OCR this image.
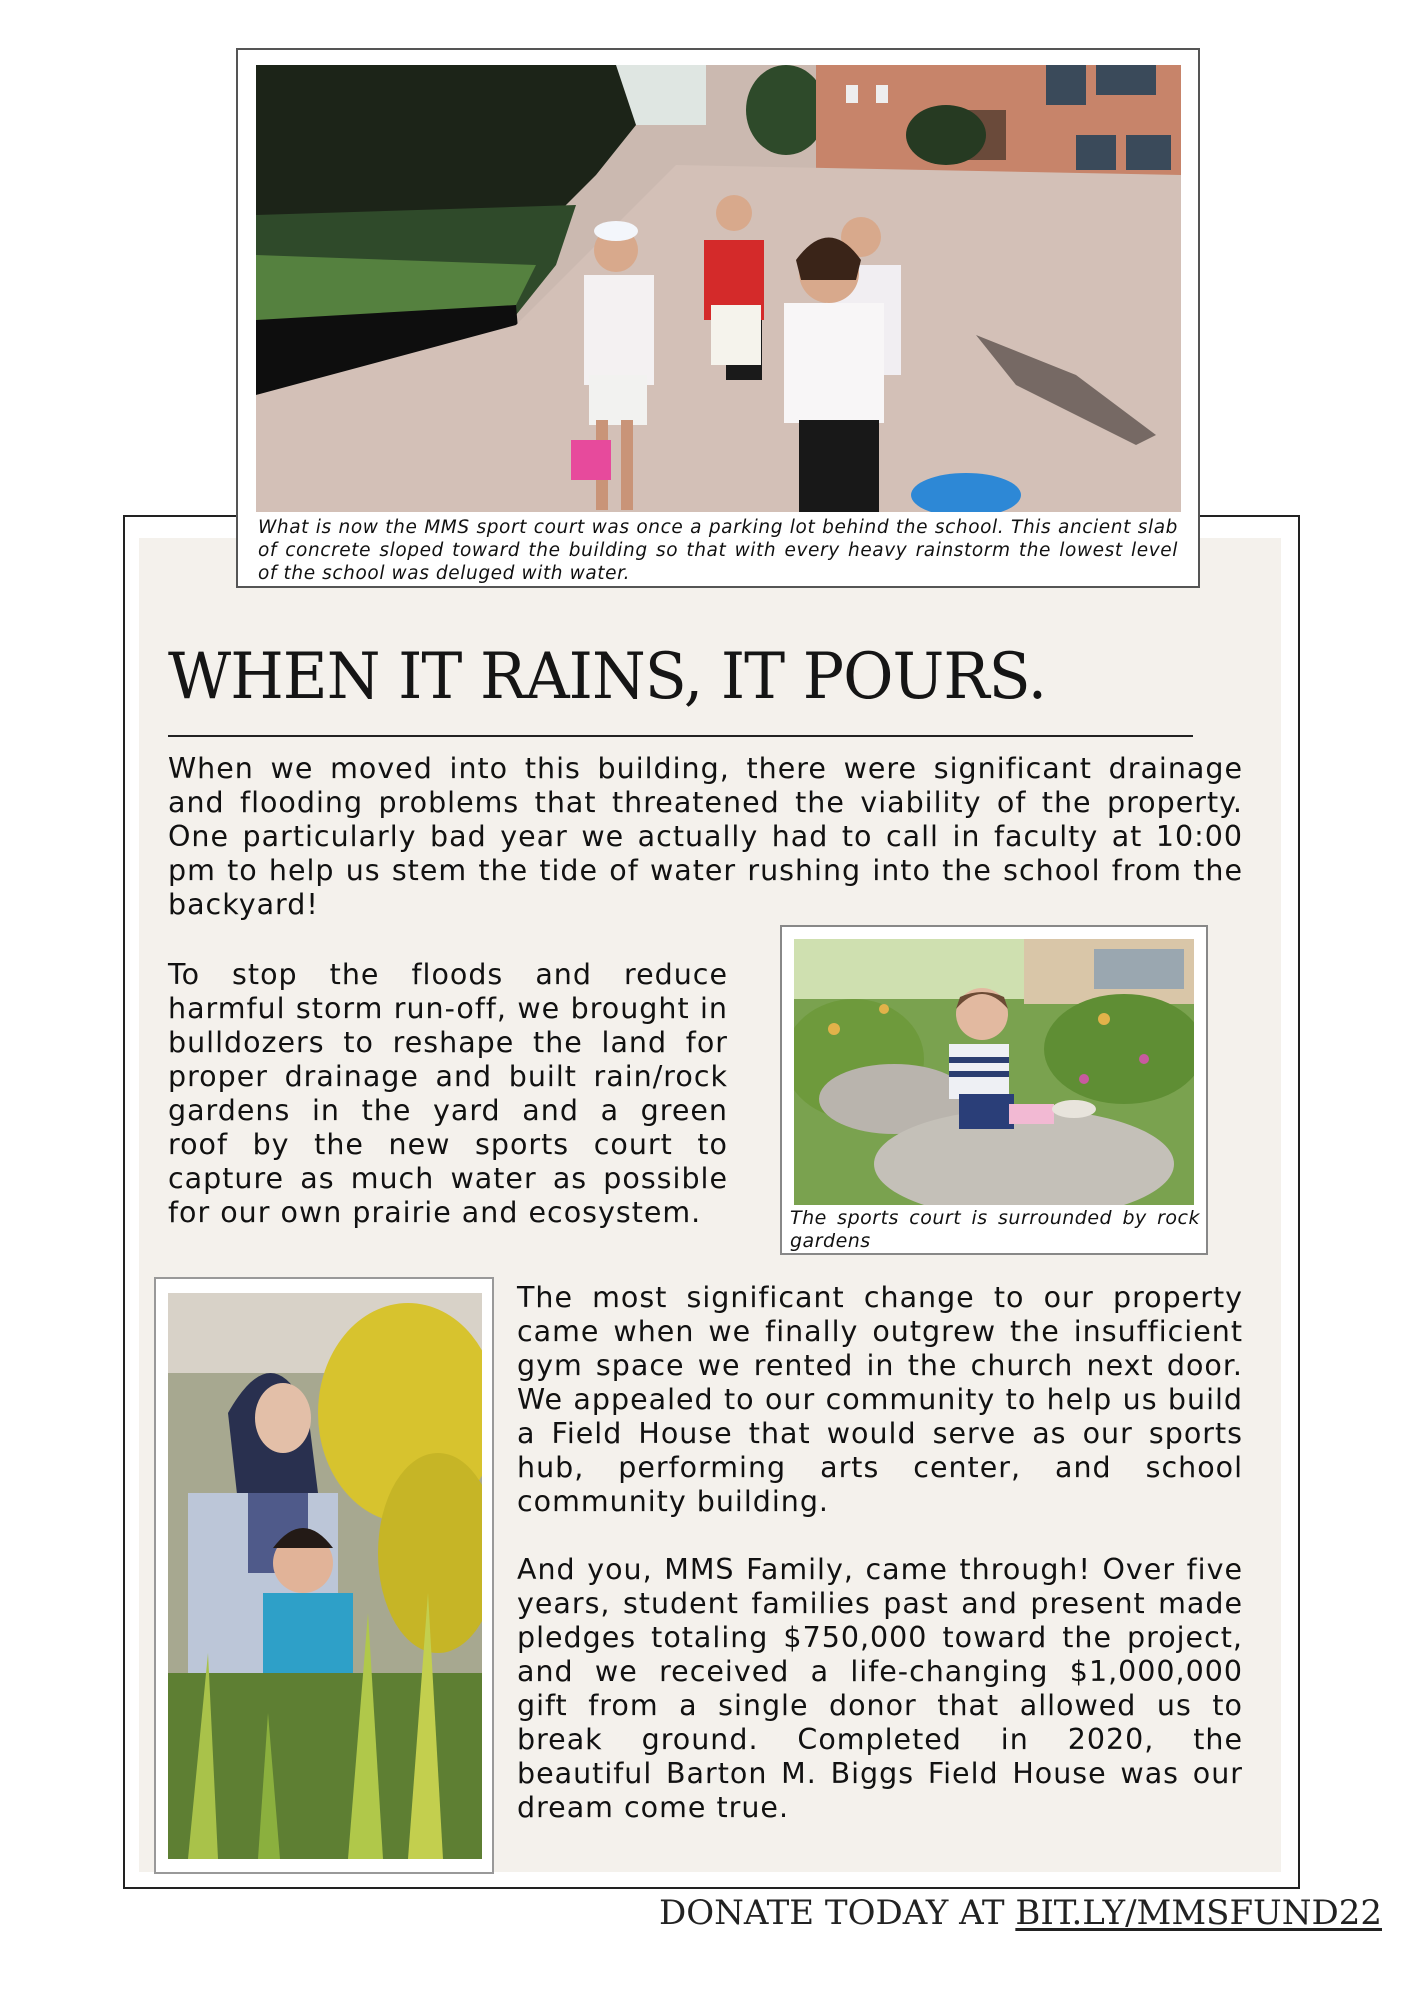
What is now the MMS sport court was once a parking lot behind the school. This ancient slab of concrete sloped toward the building so that with every heavy rainstorm the lowest level of the school was deluged with water.
WHEN IT RAINS, IT POURS.

When we moved into this building, there were significant drainage and flooding problems that threatened the viability of the property. One particularly bad year we actually had to call in faculty at 10:00 pm to help us stem the tide of water rushing into the school from the backyard!

To stop the floods and reduce harmful storm run-off, we brought in bulldozers to reshape the land for proper drainage and built rain/rock gardens in the yard and a green roof by the new sports court to capture as much water as possible for our own prairie and ecosystem.	The sports court is surrounded by rock gardens

The most significant change to our property came when we finally outgrew the insufficient gym space we rented in the church next door. We appealed to our community to help us build a Field House that would serve as our sports hub, performing arts center, and school community building.

And you, MMS Family, came through! Over five years, student families past and present made pledges totaling $750,000 toward the project, and we received a life-changing $1,000,000 gift from a single donor that allowed us to break ground. Completed in 2020, the beautiful Barton M. Biggs Field House was our dream come true.

DONATE TODAY AT BIT.LY/MMSFUND22
